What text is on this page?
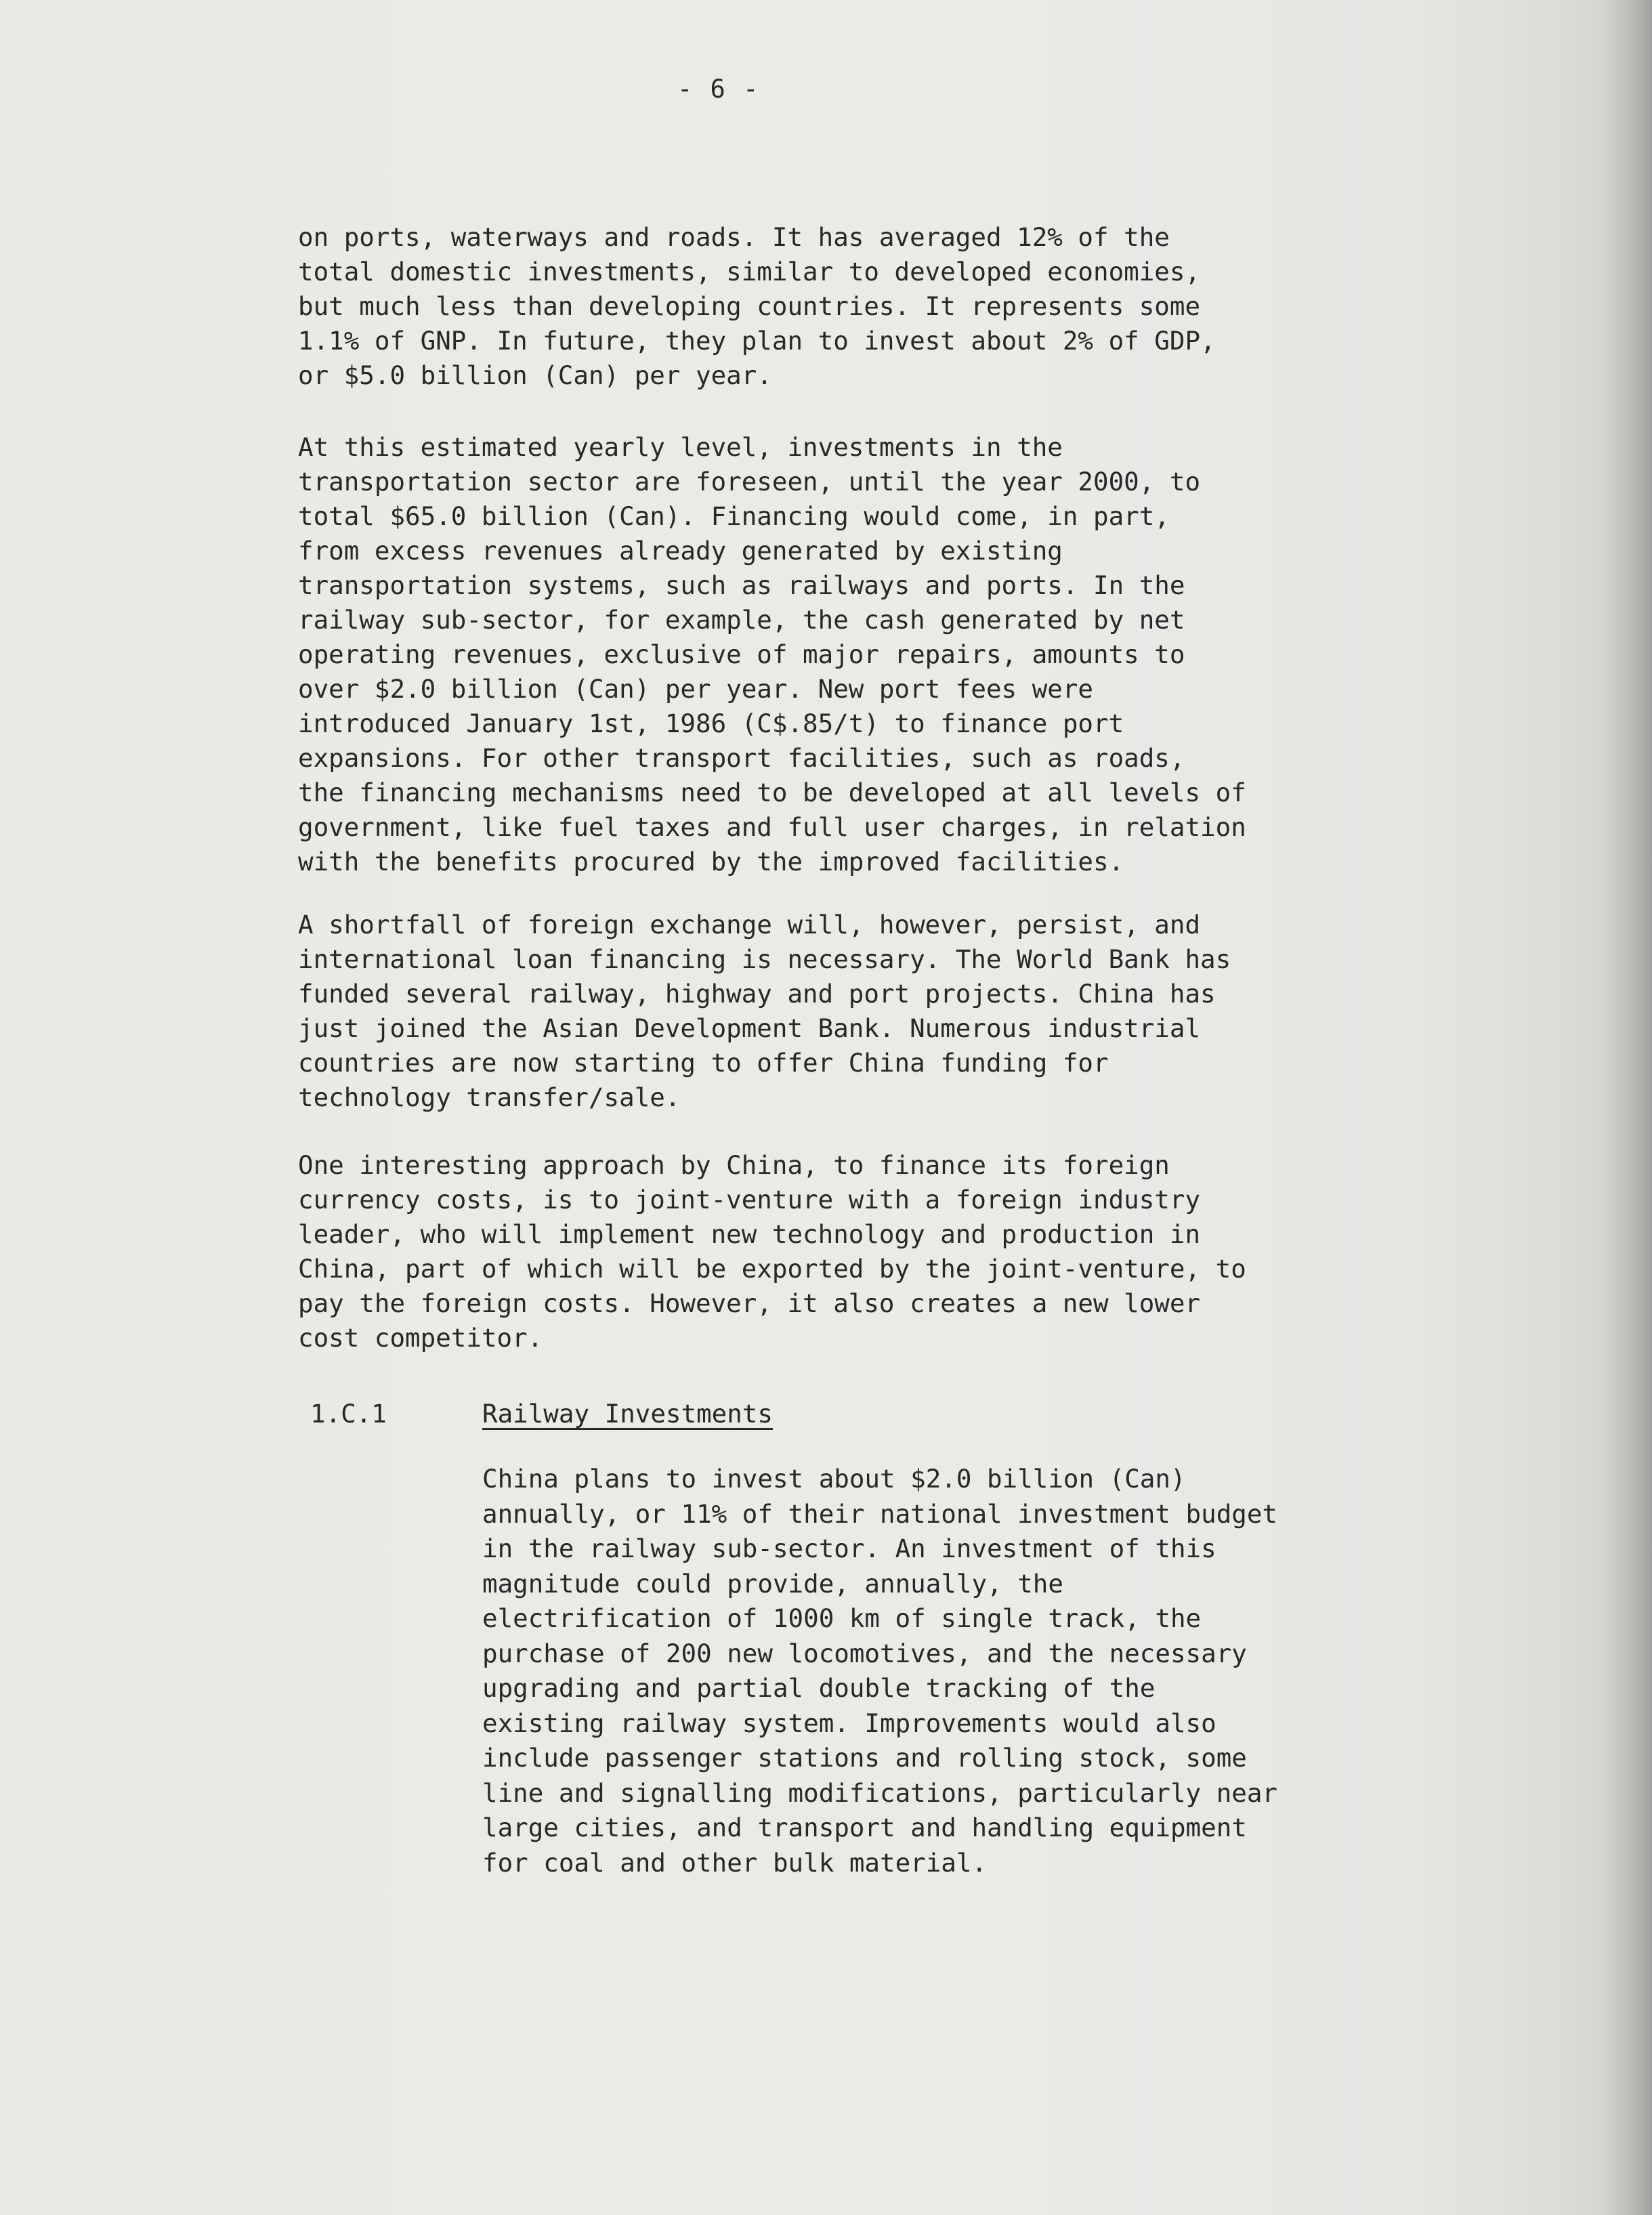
- 6 -

on ports, waterways and roads. It has averaged 12% of the
total domestic investments, similar to developed economies,
but much less than developing countries. It represents some
1.1% of GNP. In future, they plan to invest about 2% of GDP,
or $5.0 billion (Can) per year.

At this estimated yearly level, investments in the
transportation sector are foreseen, until the year 2000, to
total $65.0 billion (Can). Financing would come, in part,
from excess revenues already generated by existing
transportation systems, such as railways and ports. In the
railway sub-sector, for example, the cash generated by net
operating revenues, exclusive of major repairs, amounts to
over $2.0 billion (Can) per year. New port fees were
introduced January 1st, 1986 (C$.85/t) to finance port
expansions. For other transport facilities, such as roads,
the financing mechanisms need to be developed at all levels of
government, like fuel taxes and full user charges, in relation
with the benefits procured by the improved facilities.

A shortfall of foreign exchange will, however, persist, and
international loan financing is necessary. The World Bank has
funded several railway, highway and port projects. China has
just joined the Asian Development Bank. Numerous industrial
countries are now starting to offer China funding for
technology transfer/sale.

One interesting approach by China, to finance its foreign
currency costs, is to joint-venture with a foreign industry
leader, who will implement new technology and production in
China, part of which will be exported by the joint-venture, to
pay the foreign costs. However, it also creates a new lower
cost competitor.

1.C.1	Railway Investments

China plans to invest about $2.0 billion (Can)
annually, or 11% of their national investment budget
in the railway sub-sector. An investment of this
magnitude could provide, annually, the
electrification of 1000 km of single track, the
purchase of 200 new locomotives, and the necessary
upgrading and partial double tracking of the
existing railway system. Improvements would also
include passenger stations and rolling stock, some
line and signalling modifications, particularly near
large cities, and transport and handling equipment
for coal and other bulk material.
